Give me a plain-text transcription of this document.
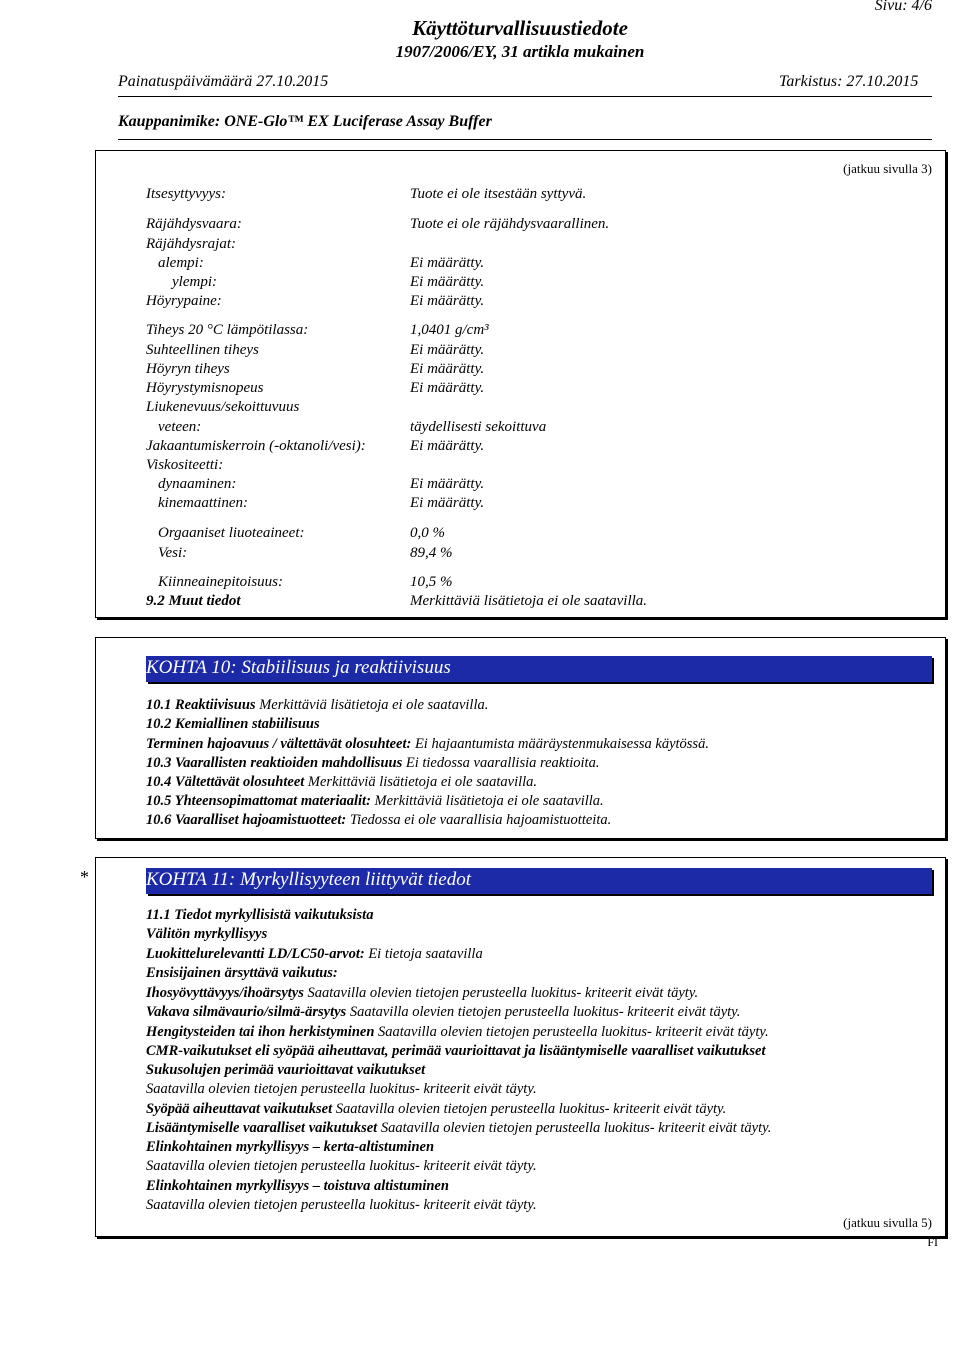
Sivu: 4/6
Käyttöturvallisuustiedote
1907/2006/EY, 31 artikla mukainen
Painatuspäivämäärä 27.10.2015	Tarkistus: 27.10.2015
Kauppanimike: ONE-Glo™ EX Luciferase Assay Buffer
(jatkuu sivulla 3)
Itsesyttyvyys:	Tuote ei ole itsestään syttyvä.
Räjähdysvaara:	Tuote ei ole räjähdysvaarallinen.
Räjähdysrajat:
alempi:	Ei määrätty.
ylempi:	Ei määrätty.
Höyrypaine:	Ei määrätty.
Tiheys 20 °C lämpötilassa:	1,0401 g/cm³
Suhteellinen tiheys	Ei määrätty.
Höyryn tiheys	Ei määrätty.
Höyrystymisnopeus	Ei määrätty.
Liukenevuus/sekoittuvuus
veteen:	täydellisesti sekoittuva
Jakaantumiskerroin (-oktanoli/vesi):	Ei määrätty.
Viskositeetti:
dynaaminen:	Ei määrätty.
kinemaattinen:	Ei määrätty.
Orgaaniset liuoteaineet:	0,0 %
Vesi:	89,4 %
Kiinneainepitoisuus:	10,5 %
9.2 Muut tiedot	Merkittäviä lisätietoja ei ole saatavilla.
KOHTA 10: Stabiilisuus ja reaktiivisuus
10.1 Reaktiivisuus Merkittäviä lisätietoja ei ole saatavilla.
10.2 Kemiallinen stabiilisuus
Terminen hajoavuus / vältettävät olosuhteet: Ei hajaantumista määräystenmukaisessa käytössä.
10.3 Vaarallisten reaktioiden mahdollisuus Ei tiedossa vaarallisia reaktioita.
10.4 Vältettävät olosuhteet Merkittäviä lisätietoja ei ole saatavilla.
10.5 Yhteensopimattomat materiaalit: Merkittäviä lisätietoja ei ole saatavilla.
10.6 Vaaralliset hajoamistuotteet: Tiedossa ei ole vaarallisia hajoamistuotteita.
*	KOHTA 11: Myrkyllisyyteen liittyvät tiedot
11.1 Tiedot myrkyllisistä vaikutuksista
Välitön myrkyllisyys
Luokittelurelevantti LD/LC50-arvot: Ei tietoja saatavilla
Ensisijainen ärsyttävä vaikutus:
Ihosyövyttävyys/ihoärsytys Saatavilla olevien tietojen perusteella luokitus- kriteerit eivät täyty.
Vakava silmävaurio/silmä-ärsytys Saatavilla olevien tietojen perusteella luokitus- kriteerit eivät täyty.
Hengitysteiden tai ihon herkistyminen Saatavilla olevien tietojen perusteella luokitus- kriteerit eivät täyty.
CMR-vaikutukset eli syöpää aiheuttavat, perimää vaurioittavat ja lisääntymiselle vaaralliset vaikutukset
Sukusolujen perimää vaurioittavat vaikutukset
Saatavilla olevien tietojen perusteella luokitus- kriteerit eivät täyty.
Syöpää aiheuttavat vaikutukset Saatavilla olevien tietojen perusteella luokitus- kriteerit eivät täyty.
Lisääntymiselle vaaralliset vaikutukset Saatavilla olevien tietojen perusteella luokitus- kriteerit eivät täyty.
Elinkohtainen myrkyllisyys – kerta-altistuminen
Saatavilla olevien tietojen perusteella luokitus- kriteerit eivät täyty.
Elinkohtainen myrkyllisyys – toistuva altistuminen
Saatavilla olevien tietojen perusteella luokitus- kriteerit eivät täyty.
(jatkuu sivulla 5)
FI
